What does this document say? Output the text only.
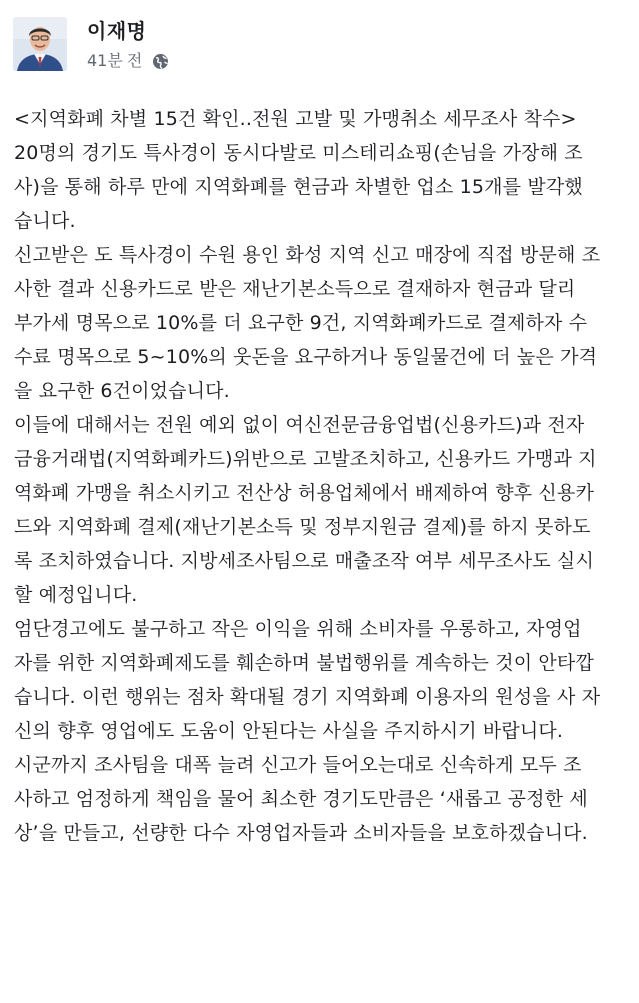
이재명
41분 전

<지역화폐 차별 15건 확인..전원 고발 및 가맹취소 세무조사 착수>

20명의 경기도 특사경이 동시다발로 미스테리쇼핑(손님을 가장해 조
사)을 통해 하루 만에 지역화폐를 현금과 차별한 업소 15개를 발각했
습니다.

신고받은 도 특사경이 수원 용인 화성 지역 신고 매장에 직접 방문해 조
사한 결과 신용카드로 받은 재난기본소득으로 결재하자 현금과 달리
부가세 명목으로 10%를 더 요구한 9건, 지역화폐카드로 결제하자 수
수료 명목으로 5~10%의 웃돈을 요구하거나 동일물건에 더 높은 가격
을 요구한 6건이었습니다.

이들에 대해서는 전원 예외 없이 여신전문금융업법(신용카드)과 전자
금융거래법(지역화폐카드)위반으로 고발조치하고, 신용카드 가맹과 지
역화폐 가맹을 취소시키고 전산상 허용업체에서 배제하여 향후 신용카
드와 지역화폐 결제(재난기본소득 및 정부지원금 결제)를 하지 못하도
록 조치하였습니다. 지방세조사팀으로 매출조작 여부 세무조사도 실시
할 예정입니다.

엄단경고에도 불구하고 작은 이익을 위해 소비자를 우롱하고, 자영업
자를 위한 지역화폐제도를 훼손하며 불법행위를 계속하는 것이 안타깝
습니다. 이런 행위는 점차 확대될 경기 지역화폐 이용자의 원성을 사 자
신의 향후 영업에도 도움이 안된다는 사실을 주지하시기 바랍니다.

시군까지 조사팀을 대폭 늘려 신고가 들어오는대로 신속하게 모두 조
사하고 엄정하게 책임을 물어 최소한 경기도만큼은 ‘새롭고 공정한 세
상’을 만들고, 선량한 다수 자영업자들과 소비자들을 보호하겠습니다.
